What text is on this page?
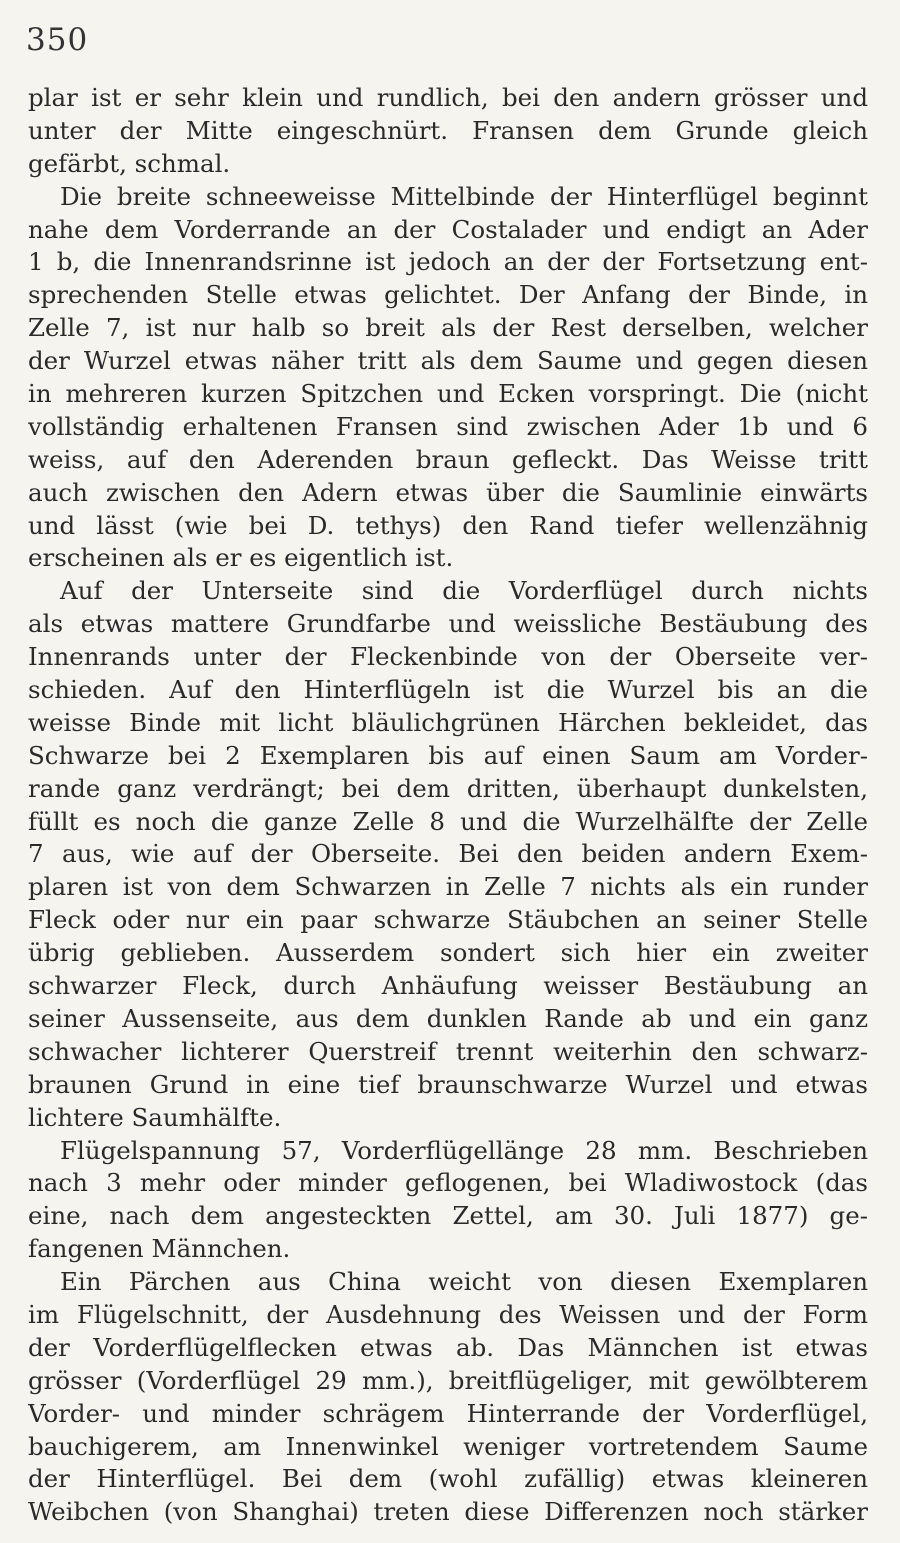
350
plar ist er sehr klein und rundlich, bei den andern grösser und
unter der Mitte eingeschnürt. Fransen dem Grunde gleich
gefärbt, schmal.
Die breite schneeweisse Mittelbinde der Hinterflügel beginnt
nahe dem Vorderrande an der Costalader und endigt an Ader
1 b, die Innenrandsrinne ist jedoch an der der Fortsetzung ent-
sprechenden Stelle etwas gelichtet. Der Anfang der Binde, in
Zelle 7, ist nur halb so breit als der Rest derselben, welcher
der Wurzel etwas näher tritt als dem Saume und gegen diesen
in mehreren kurzen Spitzchen und Ecken vorspringt. Die (nicht
vollständig erhaltenen Fransen sind zwischen Ader 1b und 6
weiss, auf den Aderenden braun gefleckt. Das Weisse tritt
auch zwischen den Adern etwas über die Saumlinie einwärts
und lässt (wie bei D. tethys) den Rand tiefer wellenzähnig
erscheinen als er es eigentlich ist.
Auf der Unterseite sind die Vorderflügel durch nichts
als etwas mattere Grundfarbe und weissliche Bestäubung des
Innenrands unter der Fleckenbinde von der Oberseite ver-
schieden. Auf den Hinterflügeln ist die Wurzel bis an die
weisse Binde mit licht bläulichgrünen Härchen bekleidet, das
Schwarze bei 2 Exemplaren bis auf einen Saum am Vorder-
rande ganz verdrängt; bei dem dritten, überhaupt dunkelsten,
füllt es noch die ganze Zelle 8 und die Wurzelhälfte der Zelle
7 aus, wie auf der Oberseite. Bei den beiden andern Exem-
plaren ist von dem Schwarzen in Zelle 7 nichts als ein runder
Fleck oder nur ein paar schwarze Stäubchen an seiner Stelle
übrig geblieben. Ausserdem sondert sich hier ein zweiter
schwarzer Fleck, durch Anhäufung weisser Bestäubung an
seiner Aussenseite, aus dem dunklen Rande ab und ein ganz
schwacher lichterer Querstreif trennt weiterhin den schwarz-
braunen Grund in eine tief braunschwarze Wurzel und etwas
lichtere Saumhälfte.
Flügelspannung 57, Vorderflügellänge 28 mm. Beschrieben
nach 3 mehr oder minder geflogenen, bei Wladiwostock (das
eine, nach dem angesteckten Zettel, am 30. Juli 1877) ge-
fangenen Männchen.
Ein Pärchen aus China weicht von diesen Exemplaren
im Flügelschnitt, der Ausdehnung des Weissen und der Form
der Vorderflügelflecken etwas ab. Das Männchen ist etwas
grösser (Vorderflügel 29 mm.), breitflügeliger, mit gewölbterem
Vorder- und minder schrägem Hinterrande der Vorderflügel,
bauchigerem, am Innenwinkel weniger vortretendem Saume
der Hinterflügel. Bei dem (wohl zufällig) etwas kleineren
Weibchen (von Shanghai) treten diese Differenzen noch stärker
